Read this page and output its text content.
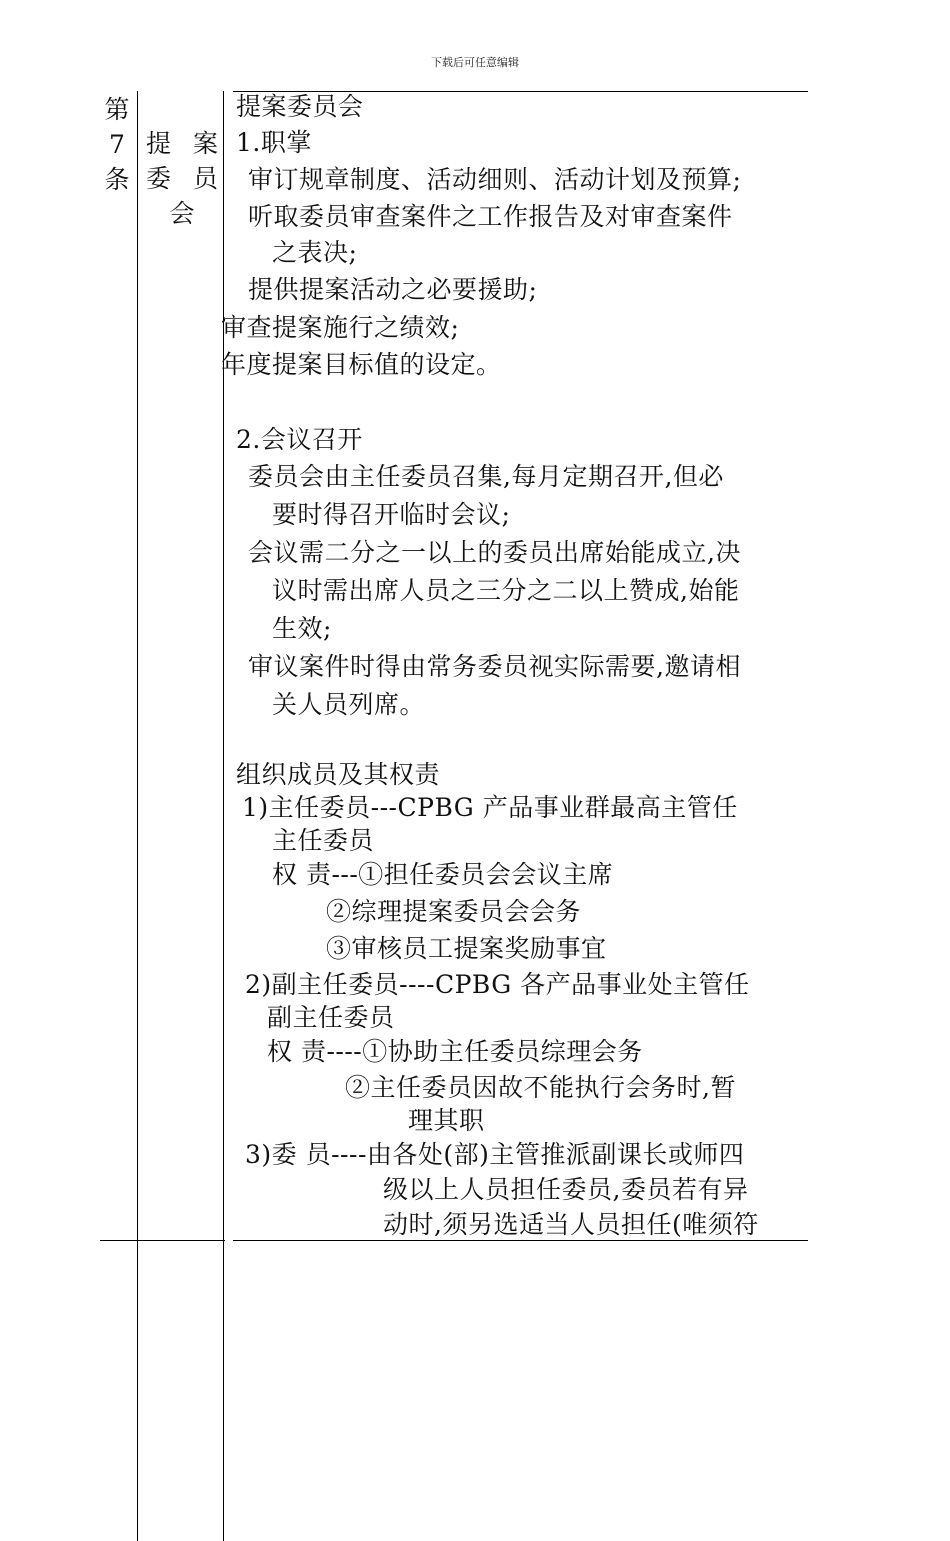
下载后可任意编辑
第
7
条
提 案
委 员
会
提案委员会
1.职掌
审订规章制度、活动细则、活动计划及预算;
听取委员审查案件之工作报告及对审查案件
之表决;
提供提案活动之必要援助;
审查提案施行之绩效;
年度提案目标值的设定。
2.会议召开
委员会由主任委员召集,每月定期召开,但必
要时得召开临时会议;
会议需二分之一以上的委员出席始能成立,决
议时需出席人员之三分之二以上赞成,始能
生效;
审议案件时得由常务委员视实际需要,邀请相
关人员列席。
组织成员及其权责
1)主任委员---CPBG 产品事业群最高主管任
主任委员
权 责---①担任委员会会议主席
②综理提案委员会会务
③审核员工提案奖励事宜
2)副主任委员----CPBG 各产品事业处主管任
副主任委员
权 责----①协助主任委员综理会务
②主任委员因故不能执行会务时,暂
理其职
3)委 员----由各处(部)主管推派副课长或师四
级以上人员担任委员,委员若有异
动时,须另选适当人员担任(唯须符
